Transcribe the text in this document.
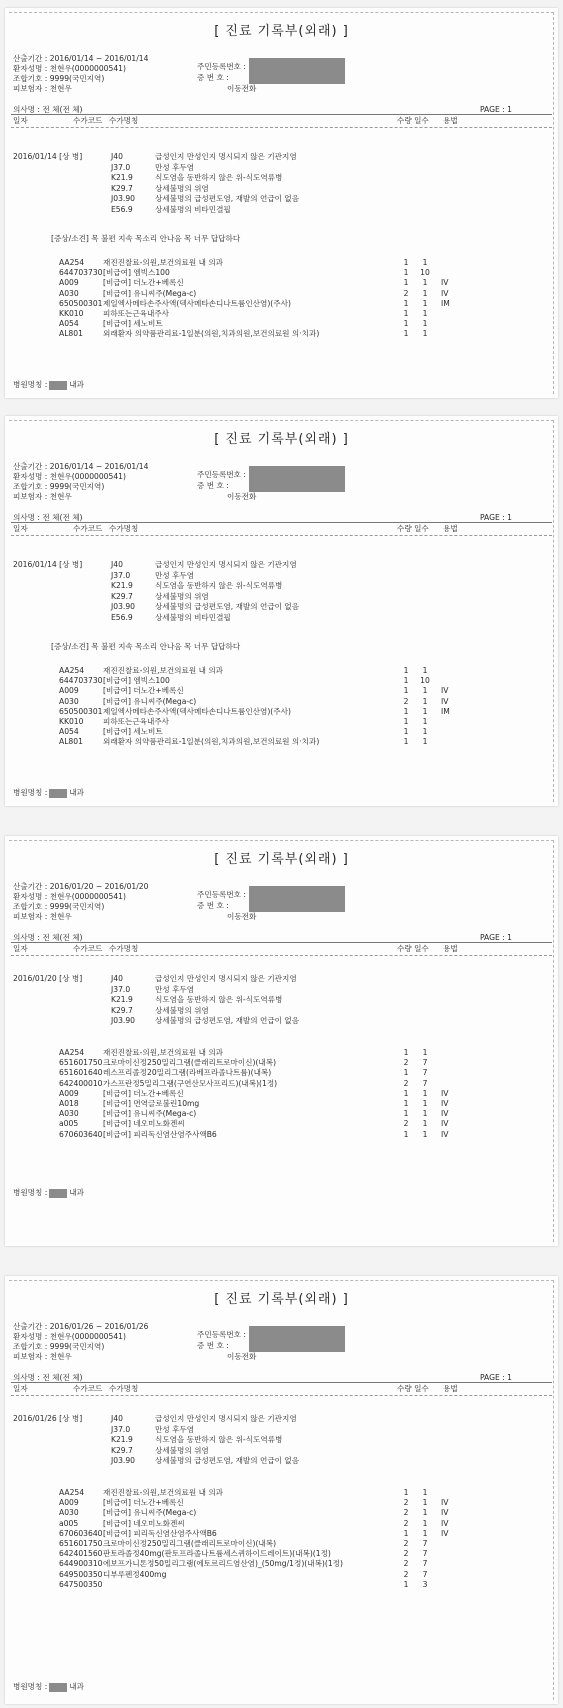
[ 진료 기록부(외래) ]
산출기간 : 2016/01/14 ~ 2016/01/14
환자성명 : 천현우(0000000541)
조합기호 : 9999(국민지역)
피보험자 : 천현우
주민등록번호 :
증 번 호 :
이동전화
의사명 : 전 체(전 체)	PAGE : 1
일자	수가코드 수가명칭	수량 일수 용법
2016/01/14 [상 병]	J40	급성인지 만성인지 명시되지 않은 기관지염
J37.0	만성 후두염
K21.9	식도염을 동반하지 않은 위-식도역류병
K29.7	상세불명의 위염
J03.90	상세불명의 급성편도염, 재발의 언급이 없음
E56.9	상세불명의 비타민결핍
[증상/소견] 목 불편 지속 목소리 안나옴 목 너무 답답하다
AA254 재진진찰료-의원,보건의료원 내 의과	1	1
644703730 [비급여] 엠빅스100	1	10
A009	[비급여] 더노간+베록신	1	1	IV
A030	[비급여] 유니씨주(Mega-c)	2	1	IV
650500301 제일엑사메타손주사액(덱사메타손디나트륨인산염)(주사)	1	1	IM
KK010	피하또는근육내주사	1	1
A054	[비급여] 세노비트	1	1
AL801	외래환자 의약품관리료-1일분(의원,치과의원,보건의료원 의·치과)	1	1
병원명칭 :	내과
[ 진료 기록부(외래) ]
산출기간 : 2016/01/14 ~ 2016/01/14
환자성명 : 천현우(0000000541)
조합기호 : 9999(국민지역)
피보험자 : 천현우
주민등록번호 :
증 번 호 :
이동전화
의사명 : 전 체(전 체)	PAGE : 1
일자	수가코드 수가명칭	수량 일수 용법
2016/01/14 [상 병]	J40	급성인지 만성인지 명시되지 않은 기관지염
J37.0	만성 후두염
K21.9	식도염을 동반하지 않은 위-식도역류병
K29.7	상세불명의 위염
J03.90	상세불명의 급성편도염, 재발의 언급이 없음
E56.9	상세불명의 비타민결핍
[증상/소견] 목 불편 지속 목소리 안나옴 목 너무 답답하다
AA254 재진진찰료-의원,보건의료원 내 의과	1	1
644703730 [비급여] 엠빅스100	1	10
A009	[비급여] 더노간+베록신	1	1	IV
A030	[비급여] 유니씨주(Mega-c)	2	1	IV
650500301 제일엑사메타손주사액(덱사메타손디나트륨인산염)(주사)	1	1	IM
KK010	피하또는근육내주사	1	1
A054	[비급여] 세노비트	1	1
AL801	외래환자 의약품관리료-1일분(의원,치과의원,보건의료원 의·치과)	1	1
병원명칭 :	내과
[ 진료 기록부(외래) ]
산출기간 : 2016/01/20 ~ 2016/01/20
환자성명 : 천현우(0000000541)
조합기호 : 9999(국민지역)
피보험자 : 천현우
주민등록번호 :
증 번 호 :
이동전화
의사명 : 전 체(전 체)	PAGE : 1
일자	수가코드 수가명칭	수량 일수 용법
2016/01/20 [상 병]	J40	급성인지 만성인지 명시되지 않은 기관지염
J37.0	만성 후두염
K21.9	식도염을 동반하지 않은 위-식도역류병
K29.7	상세불명의 위염
J03.90	상세불명의 급성편도염, 재발의 언급이 없음
AA254 재진진찰료-의원,보건의료원 내 의과	1	1
651601750 크로마이신정250밀리그램(클래리트로마이신)(내복)	2	7
651601640 레스프리졸정20밀리그램(라베프라졸나트륨)(내복)	1	7
642400010 가스프란정5밀리그램(구연산모사프리드)(내복)(1정)	2	7
A009	[비급여] 더노간+베록신	1	1	IV
A018	[비급여] 면역글로불린10mg	1	1	IV
A030	[비급여] 유니씨주(Mega-c)	1	1	IV
a005	[비급여] 네오미노화겐씨	2	1	IV
670603640 [비급여] 피리독신염산염주사액B6	1	1	IV
병원명칭 :	내과
[ 진료 기록부(외래) ]
산출기간 : 2016/01/26 ~ 2016/01/26
환자성명 : 천현우(0000000541)
조합기호 : 9999(국민지역)
피보험자 : 천현우
주민등록번호 :
증 번 호 :
이동전화
의사명 : 전 체(전 체)	PAGE : 1
일자	수가코드 수가명칭	수량 일수 용법
2016/01/26 [상 병]	J40	급성인지 만성인지 명시되지 않은 기관지염
J37.0	만성 후두염
K21.9	식도염을 동반하지 않은 위-식도역류병
K29.7	상세불명의 위염
J03.90	상세불명의 급성편도염, 재발의 언급이 없음
AA254 재진진찰료-의원,보건의료원 내 의과	1	1
A009	[비급여] 더노간+베록신	2	1	IV
A030	[비급여] 유니씨주(Mega-c)	2	1	IV
a005	[비급여] 네오미노화겐씨	2	1	IV
670603640 [비급여] 피리독신염산염주사액B6	1	1	IV
651601750 크로마이신정250밀리그램(클래리트로마이신)(내복)	2	7
642401560 판토라졸정40mg(판토프라졸나트륨세스퀴하이드레이트)(내복)(1정)	2	7
644900310 에보프가니톤정50밀리그램(에토르리드염산염)_(50mg/1정)(내복)(1정)	2	7
649500350 디부루펜정400mg	2	7
647500350	1	3
병원명칭 :	내과
